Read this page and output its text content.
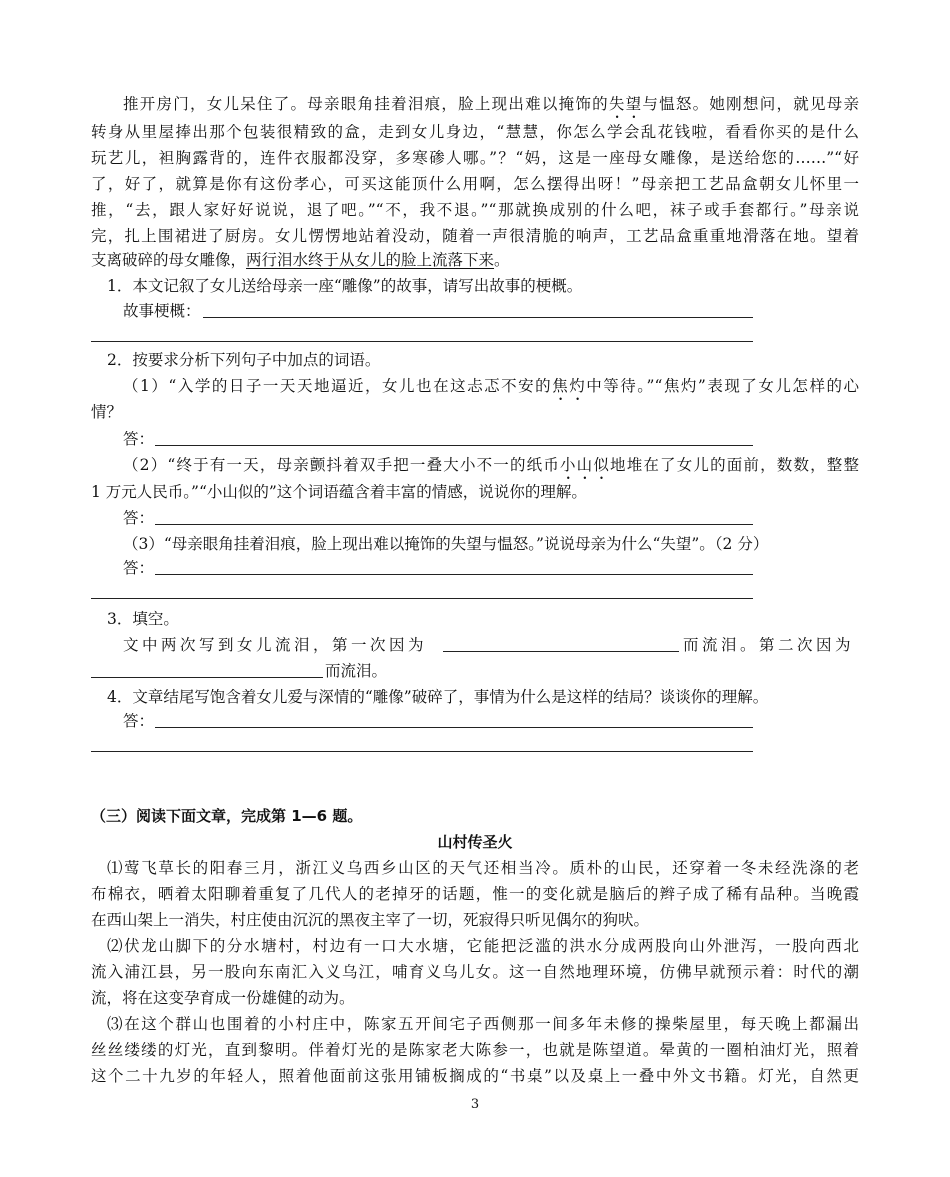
推开房门，女儿呆住了。母亲眼角挂着泪痕，脸上现出难以掩饰的失望与愠怒。她刚想问，就见母亲
转身从里屋捧出那个包装很精致的盒，走到女儿身边，“慧慧，你怎么学会乱花钱啦，看看你买的是什么
玩艺儿，袒胸露背的，连件衣服都没穿，多寒碜人哪。”？“妈，这是一座母女雕像，是送给您的……”“好
了，好了，就算是你有这份孝心，可买这能顶什么用啊，怎么摆得出呀！”母亲把工艺品盒朝女儿怀里一
推，“去，跟人家好好说说，退了吧。”“不，我不退。”“那就换成别的什么吧，袜子或手套都行。”母亲说
完，扎上围裙进了厨房。女儿愣愣地站着没动，随着一声很清脆的响声，工艺品盒重重地滑落在地。望着
支离破碎的母女雕像，两行泪水终于从女儿的脸上流落下来。
1．本文记叙了女儿送给母亲一座“雕像”的故事，请写出故事的梗概。
故事梗概：
2．按要求分析下列句子中加点的词语。
（1）“入学的日子一天天地逼近，女儿也在这忐忑不安的焦灼中等待。”“焦灼”表现了女儿怎样的心
情？
答：
（2）“终于有一天，母亲颤抖着双手把一叠大小不一的纸币小山似地堆在了女儿的面前，数数，整整
1 万元人民币。”“小山似的”这个词语蕴含着丰富的情感，说说你的理解。
答：
（3）“母亲眼角挂着泪痕，脸上现出难以掩饰的失望与愠怒。”说说母亲为什么“失望”。（2 分）
答：
3．填空。
文中两次写到女儿流泪，第一次因为	而流泪。第二次因为
而流泪。
4．文章结尾写饱含着女儿爱与深情的“雕像”破碎了，事情为什么是这样的结局？谈谈你的理解。
答：
（三）阅读下面文章，完成第 1—6 题。
山村传圣火
⑴莺飞草长的阳春三月，浙江义乌西乡山区的天气还相当冷。质朴的山民，还穿着一冬未经洗涤的老
布棉衣，晒着太阳聊着重复了几代人的老掉牙的话题，惟一的变化就是脑后的辫子成了稀有品种。当晚霞
在西山架上一消失，村庄使由沉沉的黑夜主宰了一切，死寂得只听见偶尔的狗吠。
⑵伏龙山脚下的分水塘村，村边有一口大水塘，它能把泛滥的洪水分成两股向山外泄泻，一股向西北
流入浦江县，另一股向东南汇入义乌江，哺育义乌儿女。这一自然地理环境，仿佛早就预示着：时代的潮
流，将在这变孕育成一份雄健的动为。
⑶在这个群山也围着的小村庄中，陈家五开间宅子西侧那一间多年未修的操柴屋里，每天晚上都漏出
丝丝缕缕的灯光，直到黎明。伴着灯光的是陈家老大陈参一，也就是陈望道。晕黄的一圈柏油灯光，照着
这个二十九岁的年轻人，照着他面前这张用铺板搁成的“书桌”以及桌上一叠中外文书籍。灯光，自然更
3
